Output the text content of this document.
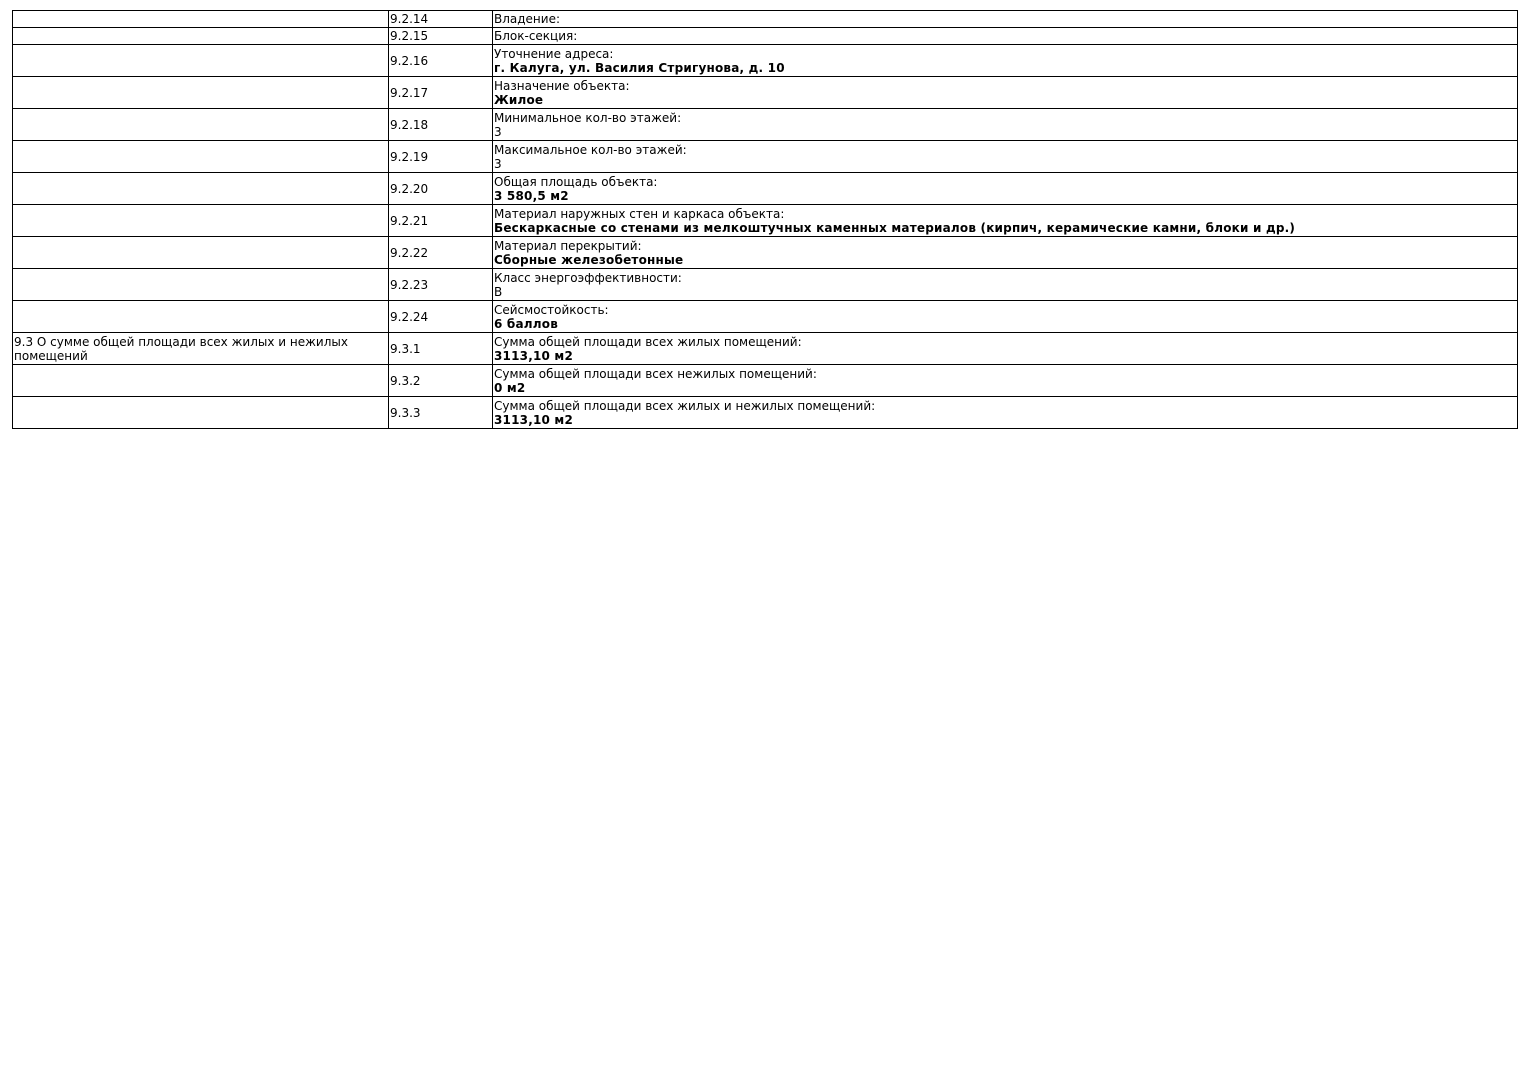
	9.2.14	Владение:

	9.2.15	Блок-секция:

	9.2.16	Уточнение адреса:
г. Калуга, ул. Василия Стригунова, д. 10

	9.2.17	Назначение объекта:
Жилое

	9.2.18	Минимальное кол-во этажей:
3

	9.2.19	Максимальное кол-во этажей:
3

	9.2.20	Общая площадь объекта:
3 580,5 м2

	9.2.21	Материал наружных стен и каркаса объекта:
Бескаркасные со стенами из мелкоштучных каменных материалов (кирпич, керамические камни, блоки и др.)

	9.2.22	Материал перекрытий:
Сборные железобетонные

	9.2.23	Класс энергоэффективности:
B

	9.2.24	Сейсмостойкость:
6 баллов

9.3 О сумме общей площади всех жилых и нежилых помещений	9.3.1	Сумма общей площади всех жилых помещений:
3113,10 м2

	9.3.2	Сумма общей площади всех нежилых помещений:
0 м2

	9.3.3	Сумма общей площади всех жилых и нежилых помещений:
3113,10 м2
